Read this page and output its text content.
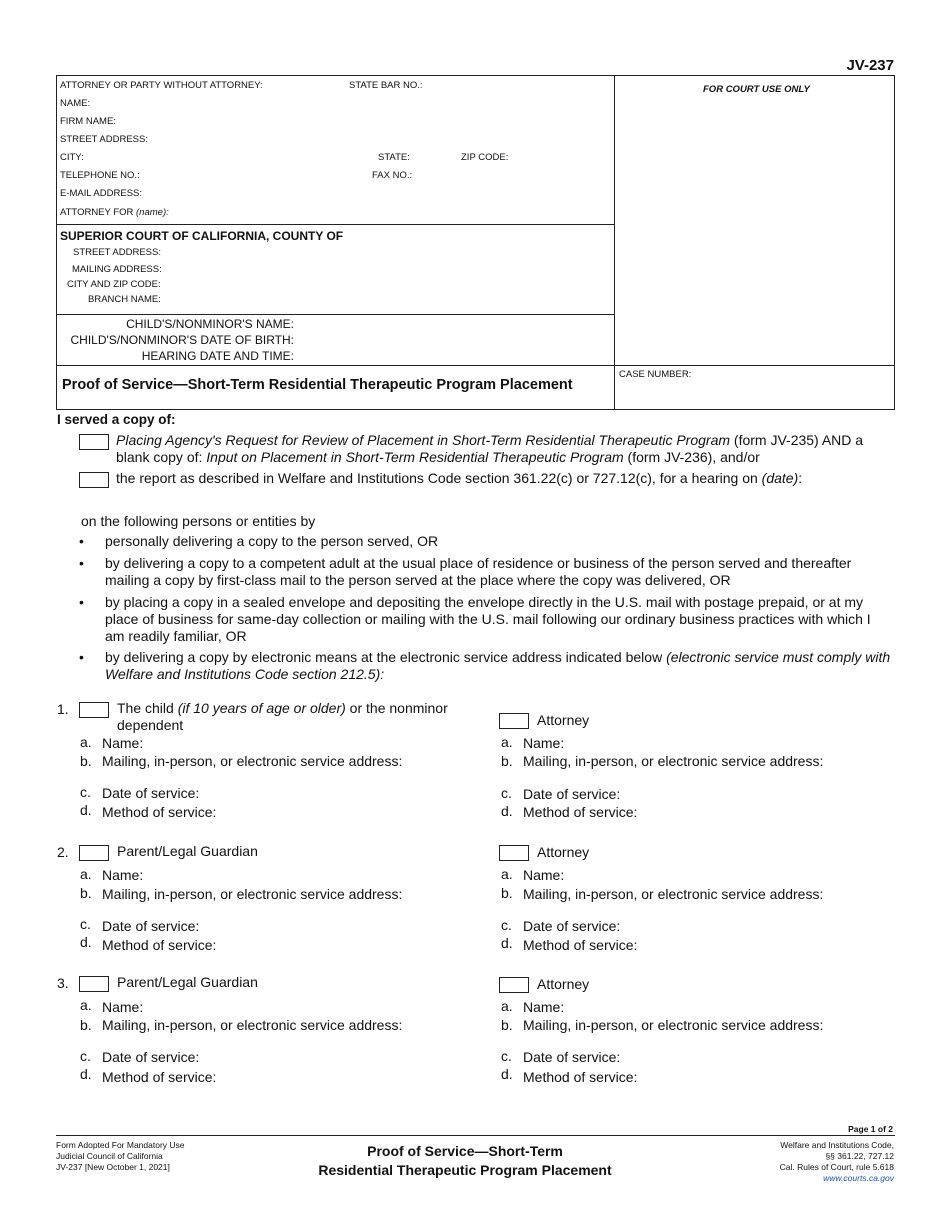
JV-237
ATTORNEY OR PARTY WITHOUT ATTORNEY:	STATE BAR NO.:
NAME:
FIRM NAME:
STREET ADDRESS:
CITY:	STATE:	ZIP CODE:
TELEPHONE NO.:	FAX NO.:
E-MAIL ADDRESS:
ATTORNEY FOR (name):
FOR COURT USE ONLY
SUPERIOR COURT OF CALIFORNIA, COUNTY OF
STREET ADDRESS:
MAILING ADDRESS:
CITY AND ZIP CODE:
BRANCH NAME:
CHILD'S/NONMINOR'S NAME:
CHILD'S/NONMINOR'S DATE OF BIRTH:
HEARING DATE AND TIME:
CASE NUMBER:
Proof of Service—Short-Term Residential Therapeutic Program Placement
I served a copy of:
Placing Agency's Request for Review of Placement in Short-Term Residential Therapeutic Program (form JV-235) AND a
blank copy of: Input on Placement in Short-Term Residential Therapeutic Program (form JV-236), and/or
the report as described in Welfare and Institutions Code section 361.22(c) or 727.12(c), for a hearing on (date):
on the following persons or entities by
• personally delivering a copy to the person served, OR
• by delivering a copy to a competent adult at the usual place of residence or business of the person served and thereafter mailing a copy by first-class mail to the person served at the place where the copy was delivered, OR
• by placing a copy in a sealed envelope and depositing the envelope directly in the U.S. mail with postage prepaid, or at my place of business for same-day collection or mailing with the U.S. mail following our ordinary business practices with which I am readily familiar, OR
• by delivering a copy by electronic means at the electronic service address indicated below (electronic service must comply with Welfare and Institutions Code section 212.5):
1.	The child (if 10 years of age or older) or the nonminor
dependent
a. Name:
b. Mailing, in-person, or electronic service address:
c. Date of service:
d. Method of service:
Attorney
a. Name:
b. Mailing, in-person, or electronic service address:
c. Date of service:
d. Method of service:
2.	Parent/Legal Guardian
a. Name:
b. Mailing, in-person, or electronic service address:
c. Date of service:
d. Method of service:
Attorney
a. Name:
b. Mailing, in-person, or electronic service address:
c. Date of service:
d. Method of service:
3.	Parent/Legal Guardian
a. Name:
b. Mailing, in-person, or electronic service address:
c. Date of service:
d. Method of service:
Attorney
a. Name:
b. Mailing, in-person, or electronic service address:
c. Date of service:
d. Method of service:
Page 1 of 2
Form Adopted For Mandatory Use
Judicial Council of California
JV-237 [New October 1, 2021]
Proof of Service—Short-Term
Residential Therapeutic Program Placement
Welfare and Institutions Code,
§§ 361.22, 727.12
Cal. Rules of Court, rule 5.618
www.courts.ca.gov
